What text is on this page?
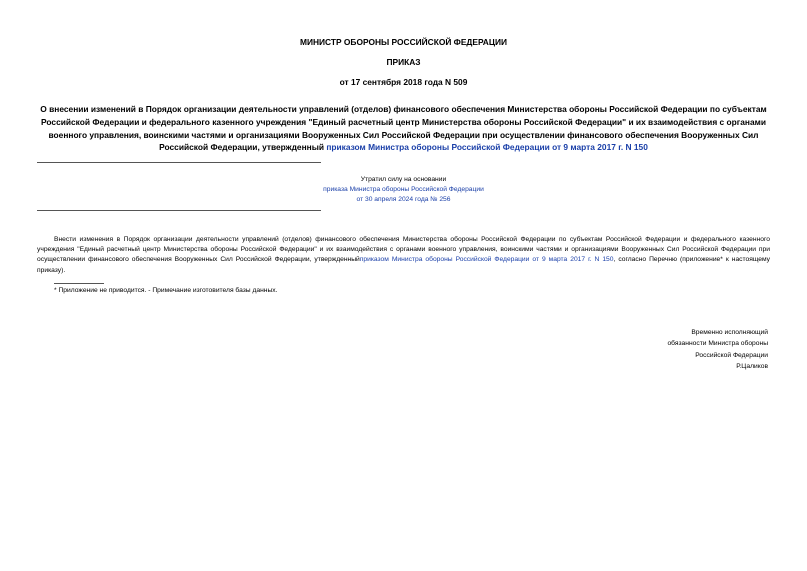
МИНИСТР ОБОРОНЫ РОССИЙСКОЙ ФЕДЕРАЦИИ
ПРИКАЗ
от 17 сентября 2018 года N 509
О внесении изменений в Порядок организации деятельности управлений (отделов) финансового обеспечения Министерства обороны Российской Федерации по субъектам Российской Федерации и федерального казенного учреждения "Единый расчетный центр Министерства обороны Российской Федерации" и их взаимодействия с органами военного управления, воинскими частями и организациями Вооруженных Сил Российской Федерации при осуществлении финансового обеспечения Вооруженных Сил Российской Федерации, утвержденный приказом Министра обороны Российской Федерации от 9 марта 2017 г. N 150
Утратил силу на основании
приказа Министра обороны Российской Федерации
от 30 апреля 2024 года № 256
Внести изменения в Порядок организации деятельности управлений (отделов) финансового обеспечения Министерства обороны Российской Федерации по субъектам Российской Федерации и федерального казенного учреждения "Единый расчетный центр Министерства обороны Российской Федерации" и их взаимодействия с органами военного управления, воинскими частями и организациями Вооруженных Сил Российской Федерации при осуществлении финансового обеспечения Вооруженных Сил Российской Федерации, утвержденныйприказом Министра обороны Российской Федерации от 9 марта 2017 г. N 150, согласно Перечню (приложение* к настоящему приказу).
* Приложение не приводится. - Примечание изготовителя базы данных.
Временно исполняющий
обязанности Министра обороны
Российской Федерации
Р.Цаликов
